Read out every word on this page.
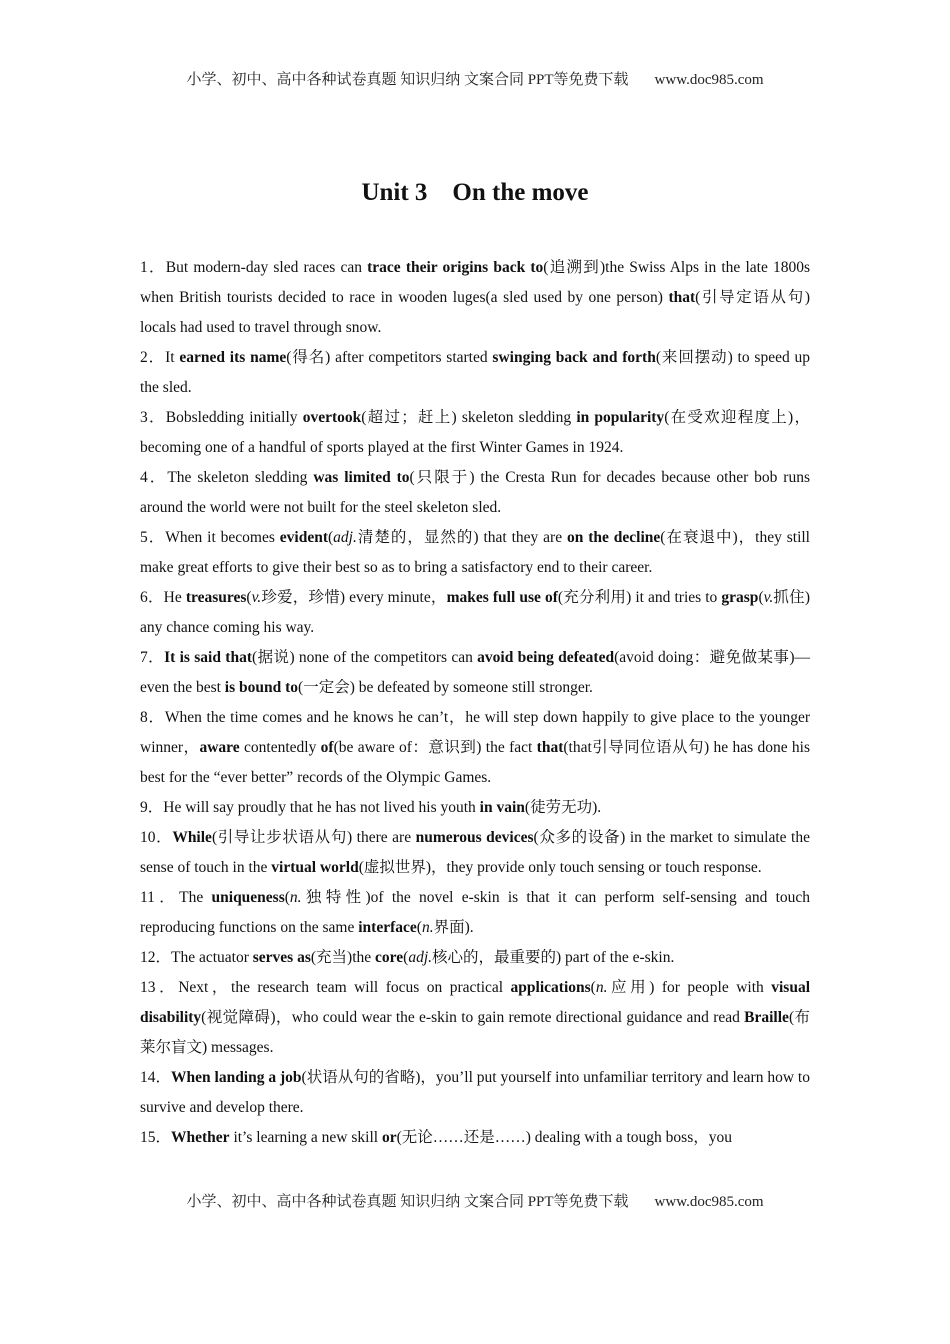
小学、初中、高中各种试卷真题 知识归纳 文案合同 PPT等免费下载 www.doc985.com
Unit 3　On the move

1．But modern-day sled races can trace their origins back to(追溯到)the Swiss Alps in the late 1800s when British tourists decided to race in wooden luges(a sled used by one person) that(引导定语从句) locals had used to travel through snow.

2．It earned its name(得名) after competitors started swinging back and forth(来回摆动) to speed up the sled.

3．Bobsledding initially overtook(超过；赶上) skeleton sledding in popularity(在受欢迎程度上)，becoming one of a handful of sports played at the first Winter Games in 1924.

4．The skeleton sledding was limited to(只限于) the Cresta Run for decades because other bob runs around the world were not built for the steel skeleton sled.

5．When it becomes evident(adj.清楚的，显然的) that they are on the decline(在衰退中)，they still make great efforts to give their best so as to bring a satisfactory end to their career.

6．He treasures(v.珍爱，珍惜) every minute，makes full use of(充分利用) it and tries to grasp(v.抓住) any chance coming his way.

7．It is said that(据说) none of the competitors can avoid being defeated(avoid doing：避免做某事)—even the best is bound to(一定会) be defeated by someone still stronger.

8．When the time comes and he knows he can’t，he will step down happily to give place to the younger winner，aware contentedly of(be aware of：意识到) the fact that(that引导同位语从句) he has done his best for the “ever better” records of the Olympic Games.

9．He will say proudly that he has not lived his youth in vain(徒劳无功).

10．While(引导让步状语从句) there are numerous devices(众多的设备) in the market to simulate the sense of touch in the virtual world(虚拟世界)，they provide only touch sensing or touch response.

11．The uniqueness(n.独特性)of the novel e-skin is that it can perform self-sensing and touch reproducing functions on the same interface(n.界面).

12．The actuator serves as(充当)the core(adj.核心的，最重要的) part of the e-skin.

13．Next，the research team will focus on practical applications(n.应用) for people with visual disability(视觉障碍)，who could wear the e-skin to gain remote directional guidance and read Braille(布莱尔盲文) messages.

14．When landing a job(状语从句的省略)，you’ll put yourself into unfamiliar territory and learn how to survive and develop there.

15．Whether it’s learning a new skill or(无论……还是……) dealing with a tough boss，you

小学、初中、高中各种试卷真题 知识归纳 文案合同 PPT等免费下载 www.doc985.com
